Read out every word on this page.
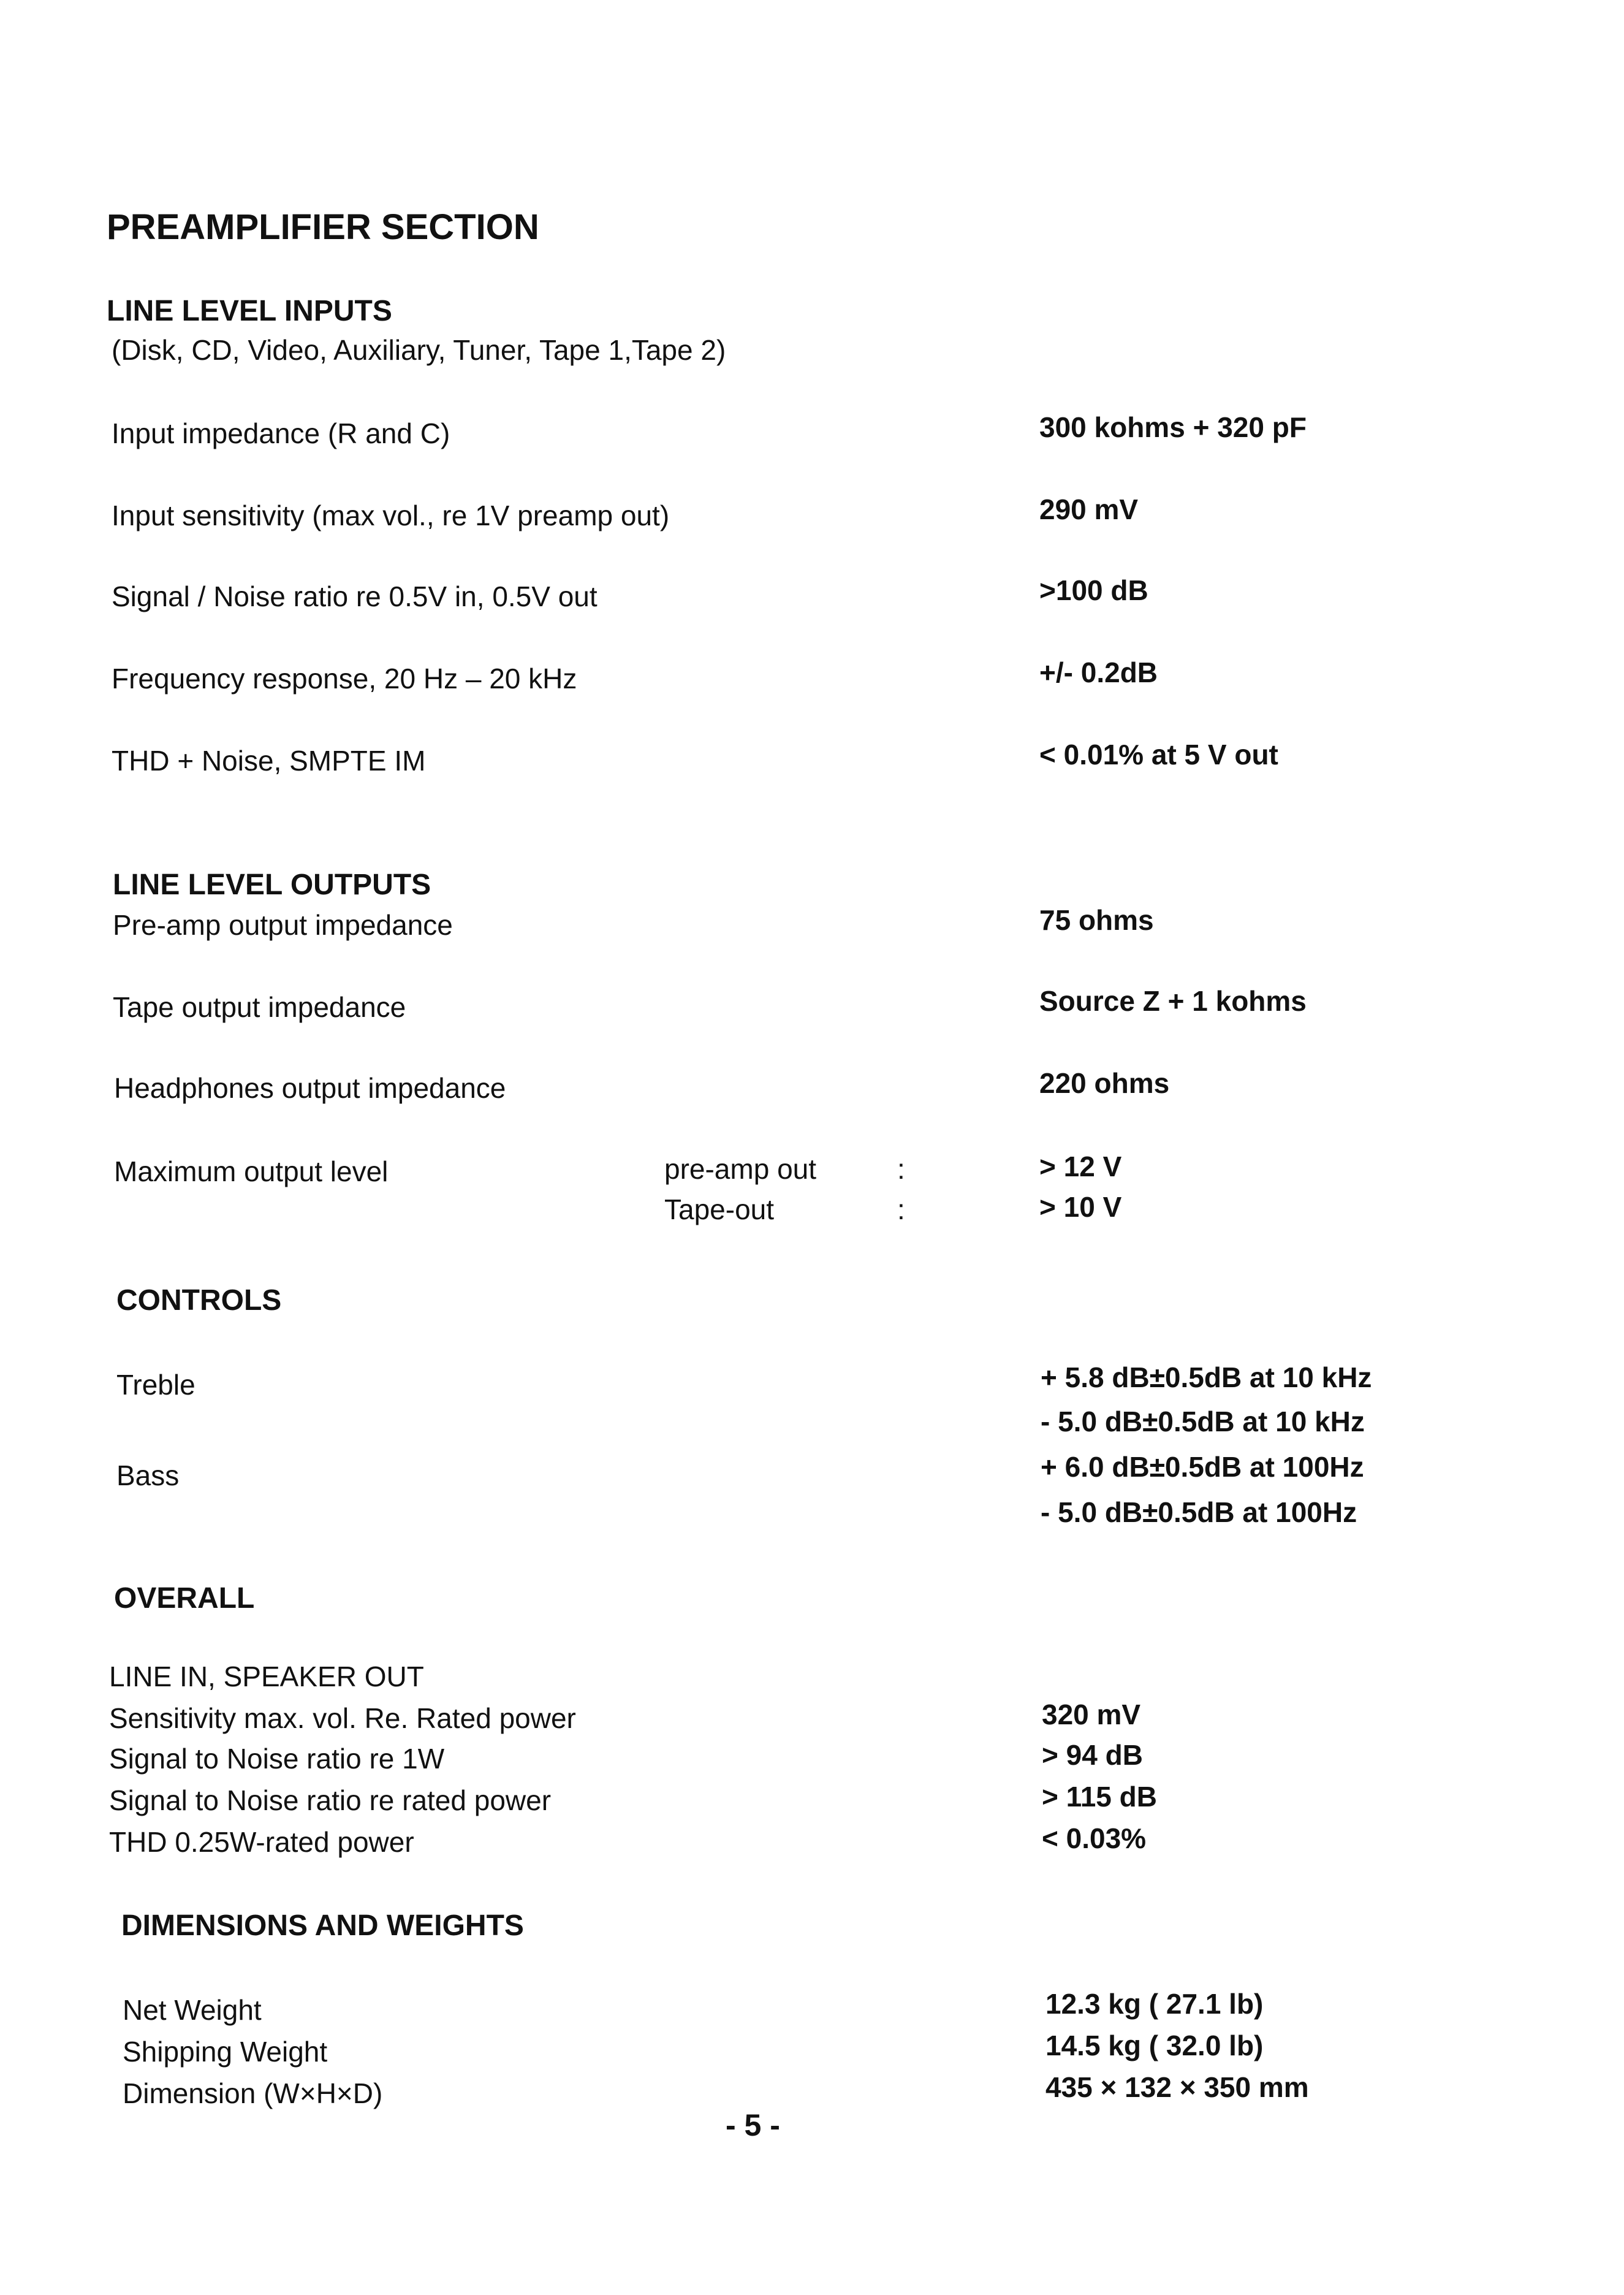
PREAMPLIFIER SECTION
LINE LEVEL INPUTS
(Disk, CD, Video, Auxiliary, Tuner, Tape 1,Tape 2)
Input impedance (R and C)	300 kohms + 320 pF
Input sensitivity (max vol., re 1V preamp out)	290 mV
Signal / Noise ratio re 0.5V in, 0.5V out	>100 dB
Frequency response, 20 Hz – 20 kHz	+/- 0.2dB
THD + Noise, SMPTE IM	< 0.01% at 5 V out
LINE LEVEL OUTPUTS
Pre-amp output impedance	75 ohms
Tape output impedance	Source Z + 1 kohms
Headphones output impedance	220 ohms
Maximum output level	pre-amp out	:	> 12 V
Tape-out	:	> 10 V
CONTROLS
Treble	+ 5.8 dB±0.5dB at 10 kHz
- 5.0 dB±0.5dB at 10 kHz
Bass	+ 6.0 dB±0.5dB at 100Hz
- 5.0 dB±0.5dB at 100Hz
OVERALL
LINE IN, SPEAKER OUT
Sensitivity max. vol. Re. Rated power	320 mV
Signal to Noise ratio re 1W	> 94 dB
Signal to Noise ratio re rated power	> 115 dB
THD 0.25W-rated power	< 0.03%
DIMENSIONS AND WEIGHTS
Net Weight	12.3 kg ( 27.1 lb)
Shipping Weight	14.5 kg ( 32.0 lb)
Dimension (W×H×D)	435 × 132 × 350 mm
- 5 -
